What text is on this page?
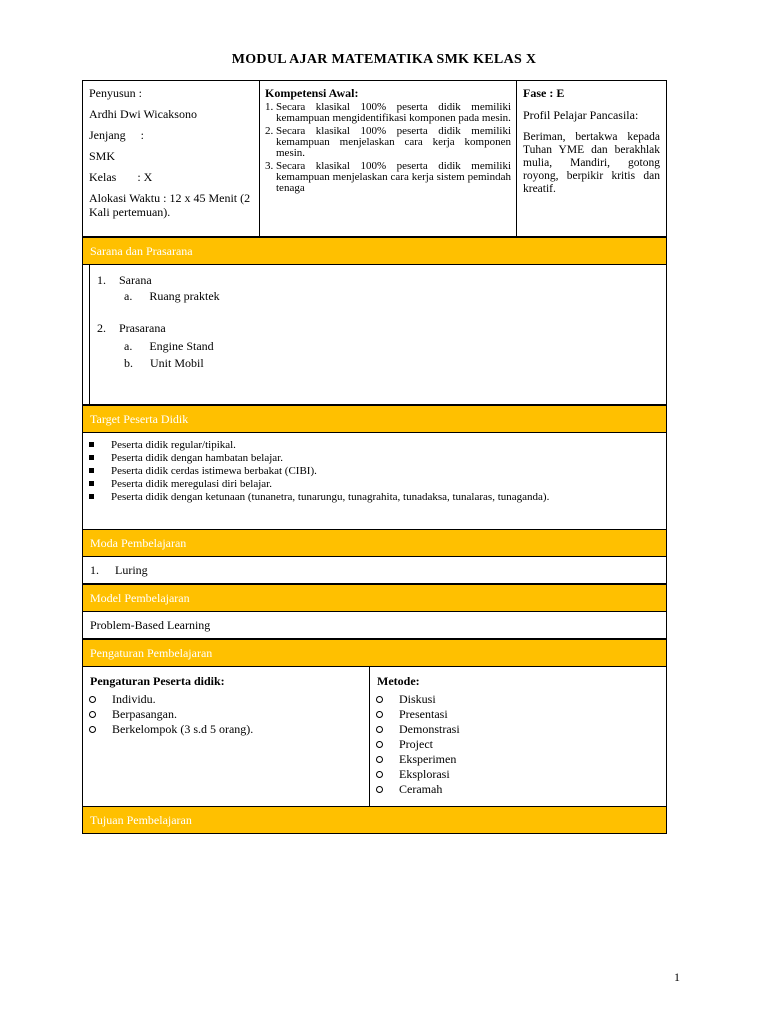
MODUL AJAR MATEMATIKA SMK KELAS X
Penyusun :
Ardhi Dwi Wicaksono
Jenjang :
SMK
Kelas : X
Alokasi Waktu : 12 x 45 Menit (2 Kali pertemuan).
Kompetensi Awal:
1. Secara klasikal 100% peserta didik memiliki kemampuan mengidentifikasi komponen pada mesin.
2. Secara klasikal 100% peserta didik memiliki kemampuan menjelaskan cara kerja komponen mesin.
3. Secara klasikal 100% peserta didik memiliki kemampuan menjelaskan cara kerja sistem pemindah tenaga
Fase : E
Profil Pelajar Pancasila:
Beriman, bertakwa kepada Tuhan YME dan berakhlak mulia, Mandiri, gotong royong, berpikir kritis dan kreatif.
Sarana dan Prasarana
1. Sarana
a. Ruang praktek
2. Prasarana
a. Engine Stand
b. Unit Mobil
Target Peserta Didik
Peserta didik regular/tipikal.
Peserta didik dengan hambatan belajar.
Peserta didik cerdas istimewa berbakat (CIBI).
Peserta didik meregulasi diri belajar.
Peserta didik dengan ketunaan (tunanetra, tunarungu, tunagrahita, tunadaksa, tunalaras, tunaganda).
Moda Pembelajaran
1. Luring
Model Pembelajaran
Problem-Based Learning
Pengaturan Pembelajaran
Pengaturan Peserta didik:
Individu.
Berpasangan.
Berkelompok (3 s.d 5 orang).
Metode:
Diskusi
Presentasi
Demonstrasi
Project
Eksperimen
Eksplorasi
Ceramah
Tujuan Pembelajaran
1
